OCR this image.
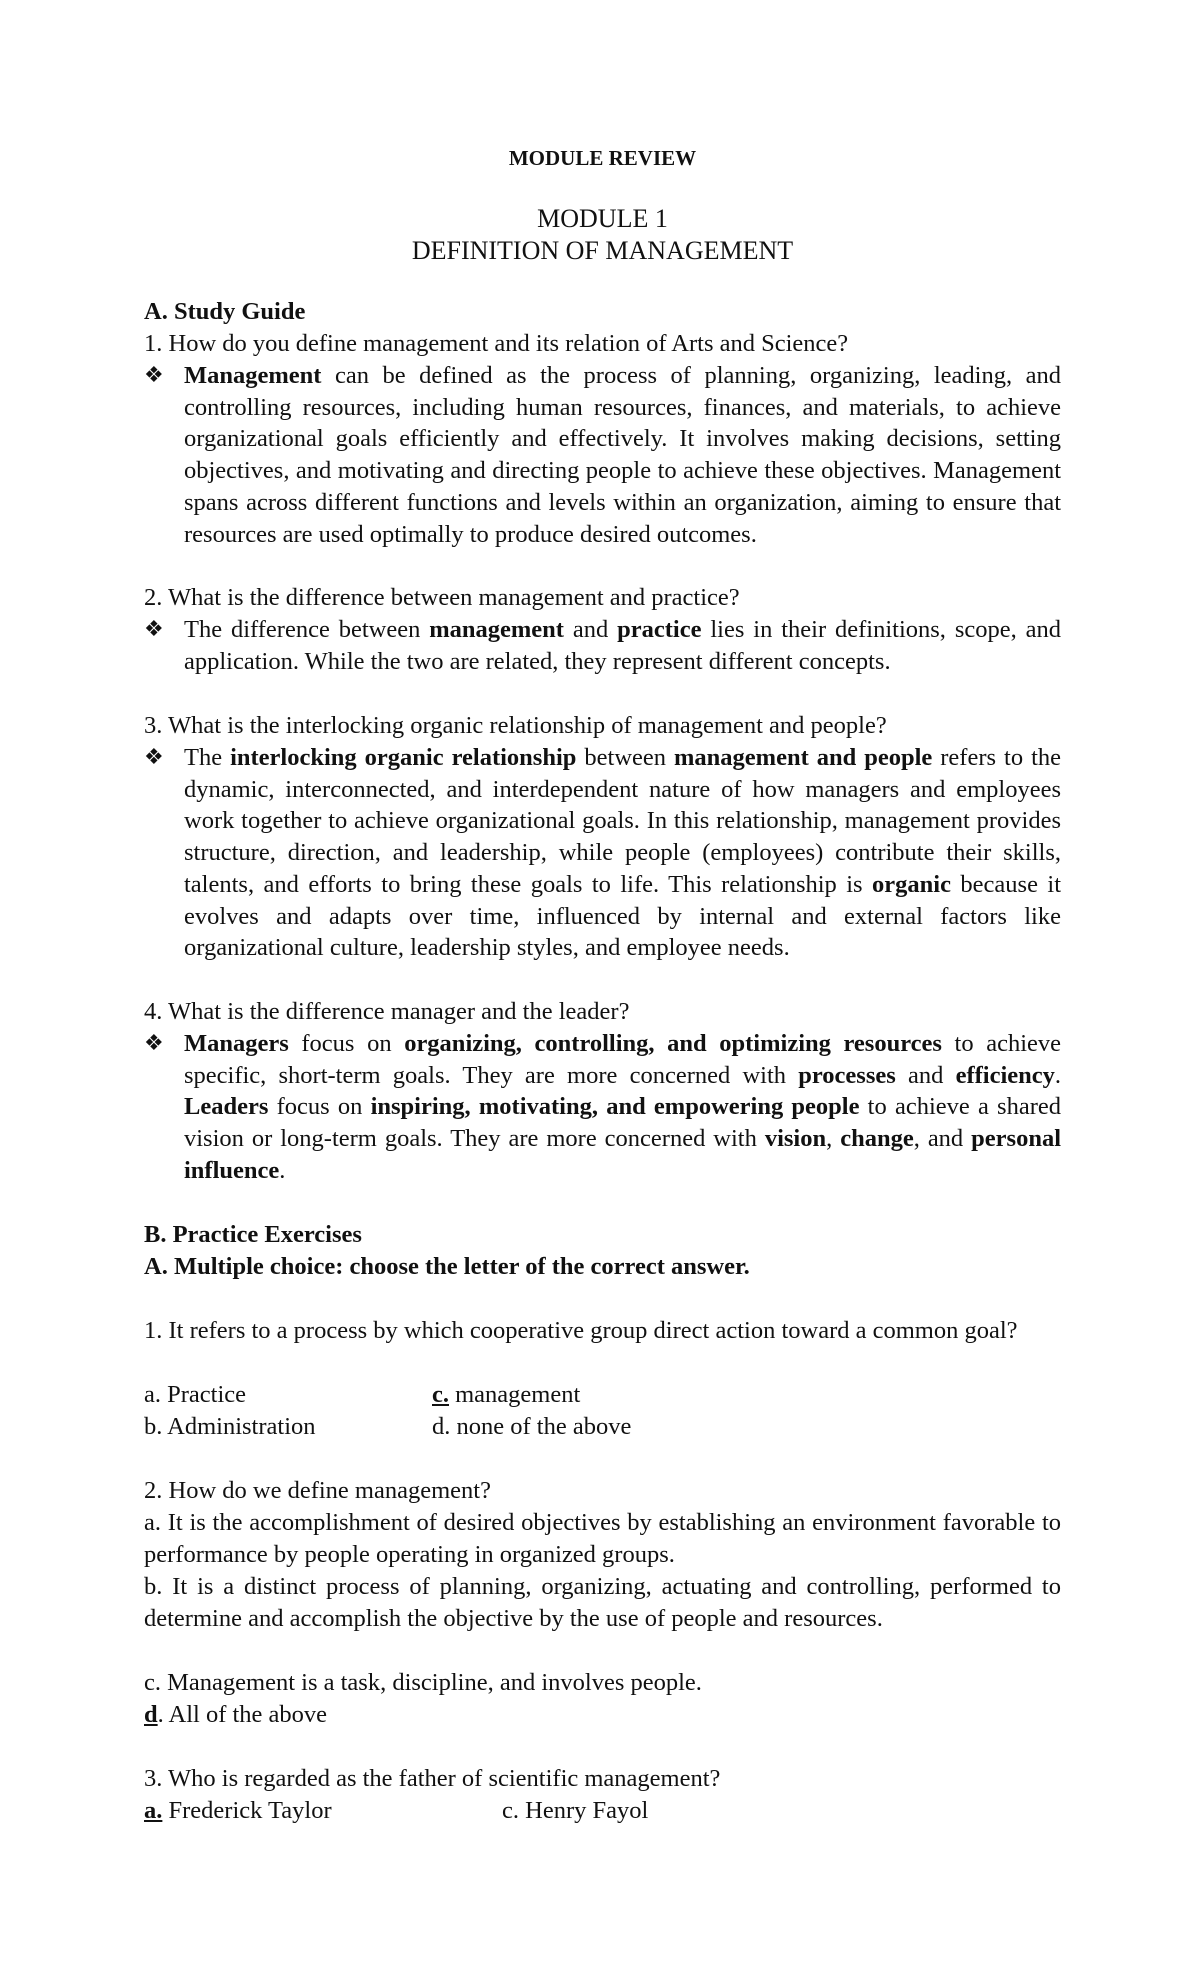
MODULE REVIEW
MODULE 1
DEFINITION OF MANAGEMENT
A. Study Guide
1. How do you define management and its relation of Arts and Science?
❖ Management can be defined as the process of planning, organizing, leading, and controlling resources, including human resources, finances, and materials, to achieve organizational goals efficiently and effectively. It involves making decisions, setting objectives, and motivating and directing people to achieve these objectives. Management spans across different functions and levels within an organization, aiming to ensure that resources are used optimally to produce desired outcomes.
2. What is the difference between management and practice?
❖ The difference between management and practice lies in their definitions, scope, and application. While the two are related, they represent different concepts.
3. What is the interlocking organic relationship of management and people?
❖ The interlocking organic relationship between management and people refers to the dynamic, interconnected, and interdependent nature of how managers and employees work together to achieve organizational goals. In this relationship, management provides structure, direction, and leadership, while people (employees) contribute their skills, talents, and efforts to bring these goals to life. This relationship is organic because it evolves and adapts over time, influenced by internal and external factors like organizational culture, leadership styles, and employee needs.
4. What is the difference manager and the leader?
❖ Managers focus on organizing, controlling, and optimizing resources to achieve specific, short-term goals. They are more concerned with processes and efficiency. Leaders focus on inspiring, motivating, and empowering people to achieve a shared vision or long-term goals. They are more concerned with vision, change, and personal influence.
B. Practice Exercises
A. Multiple choice: choose the letter of the correct answer.
1. It refers to a process by which cooperative group direct action toward a common goal?
a. Practice	c. management
b. Administration	d. none of the above
2. How do we define management?
a. It is the accomplishment of desired objectives by establishing an environment favorable to performance by people operating in organized groups.
b. It is a distinct process of planning, organizing, actuating and controlling, performed to determine and accomplish the objective by the use of people and resources.
c. Management is a task, discipline, and involves people.
d. All of the above
3. Who is regarded as the father of scientific management?
a. Frederick Taylor	c. Henry Fayol
